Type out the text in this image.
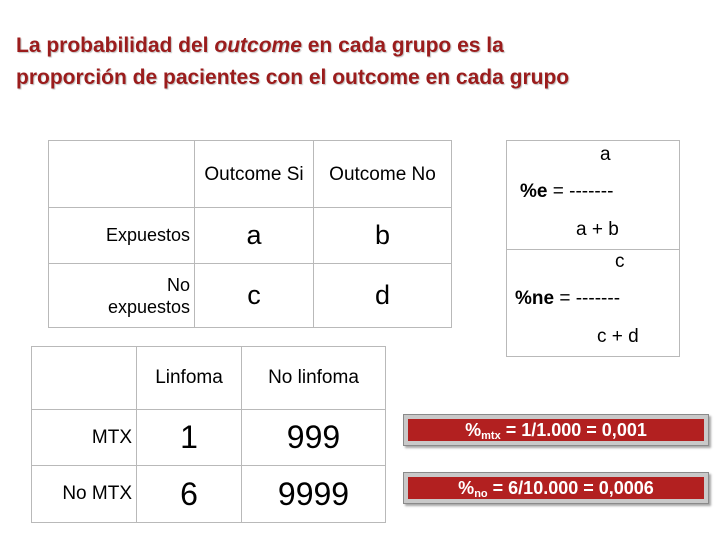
La probabilidad del outcome en cada grupo es la
proporción de pacientes con el outcome en cada grupo
	Outcome Si	Outcome No
Expuestos	a	b
No expuestos	c	d
a
%e = -------
a + b
c
%ne = -------
c + d
	Linfoma	No linfoma
MTX	1	999
No MTX	6	9999
$\%_{mtx} = 1/1.000 = 0,001$
$\%_{no} = 6/10.000 = 0,0006$
